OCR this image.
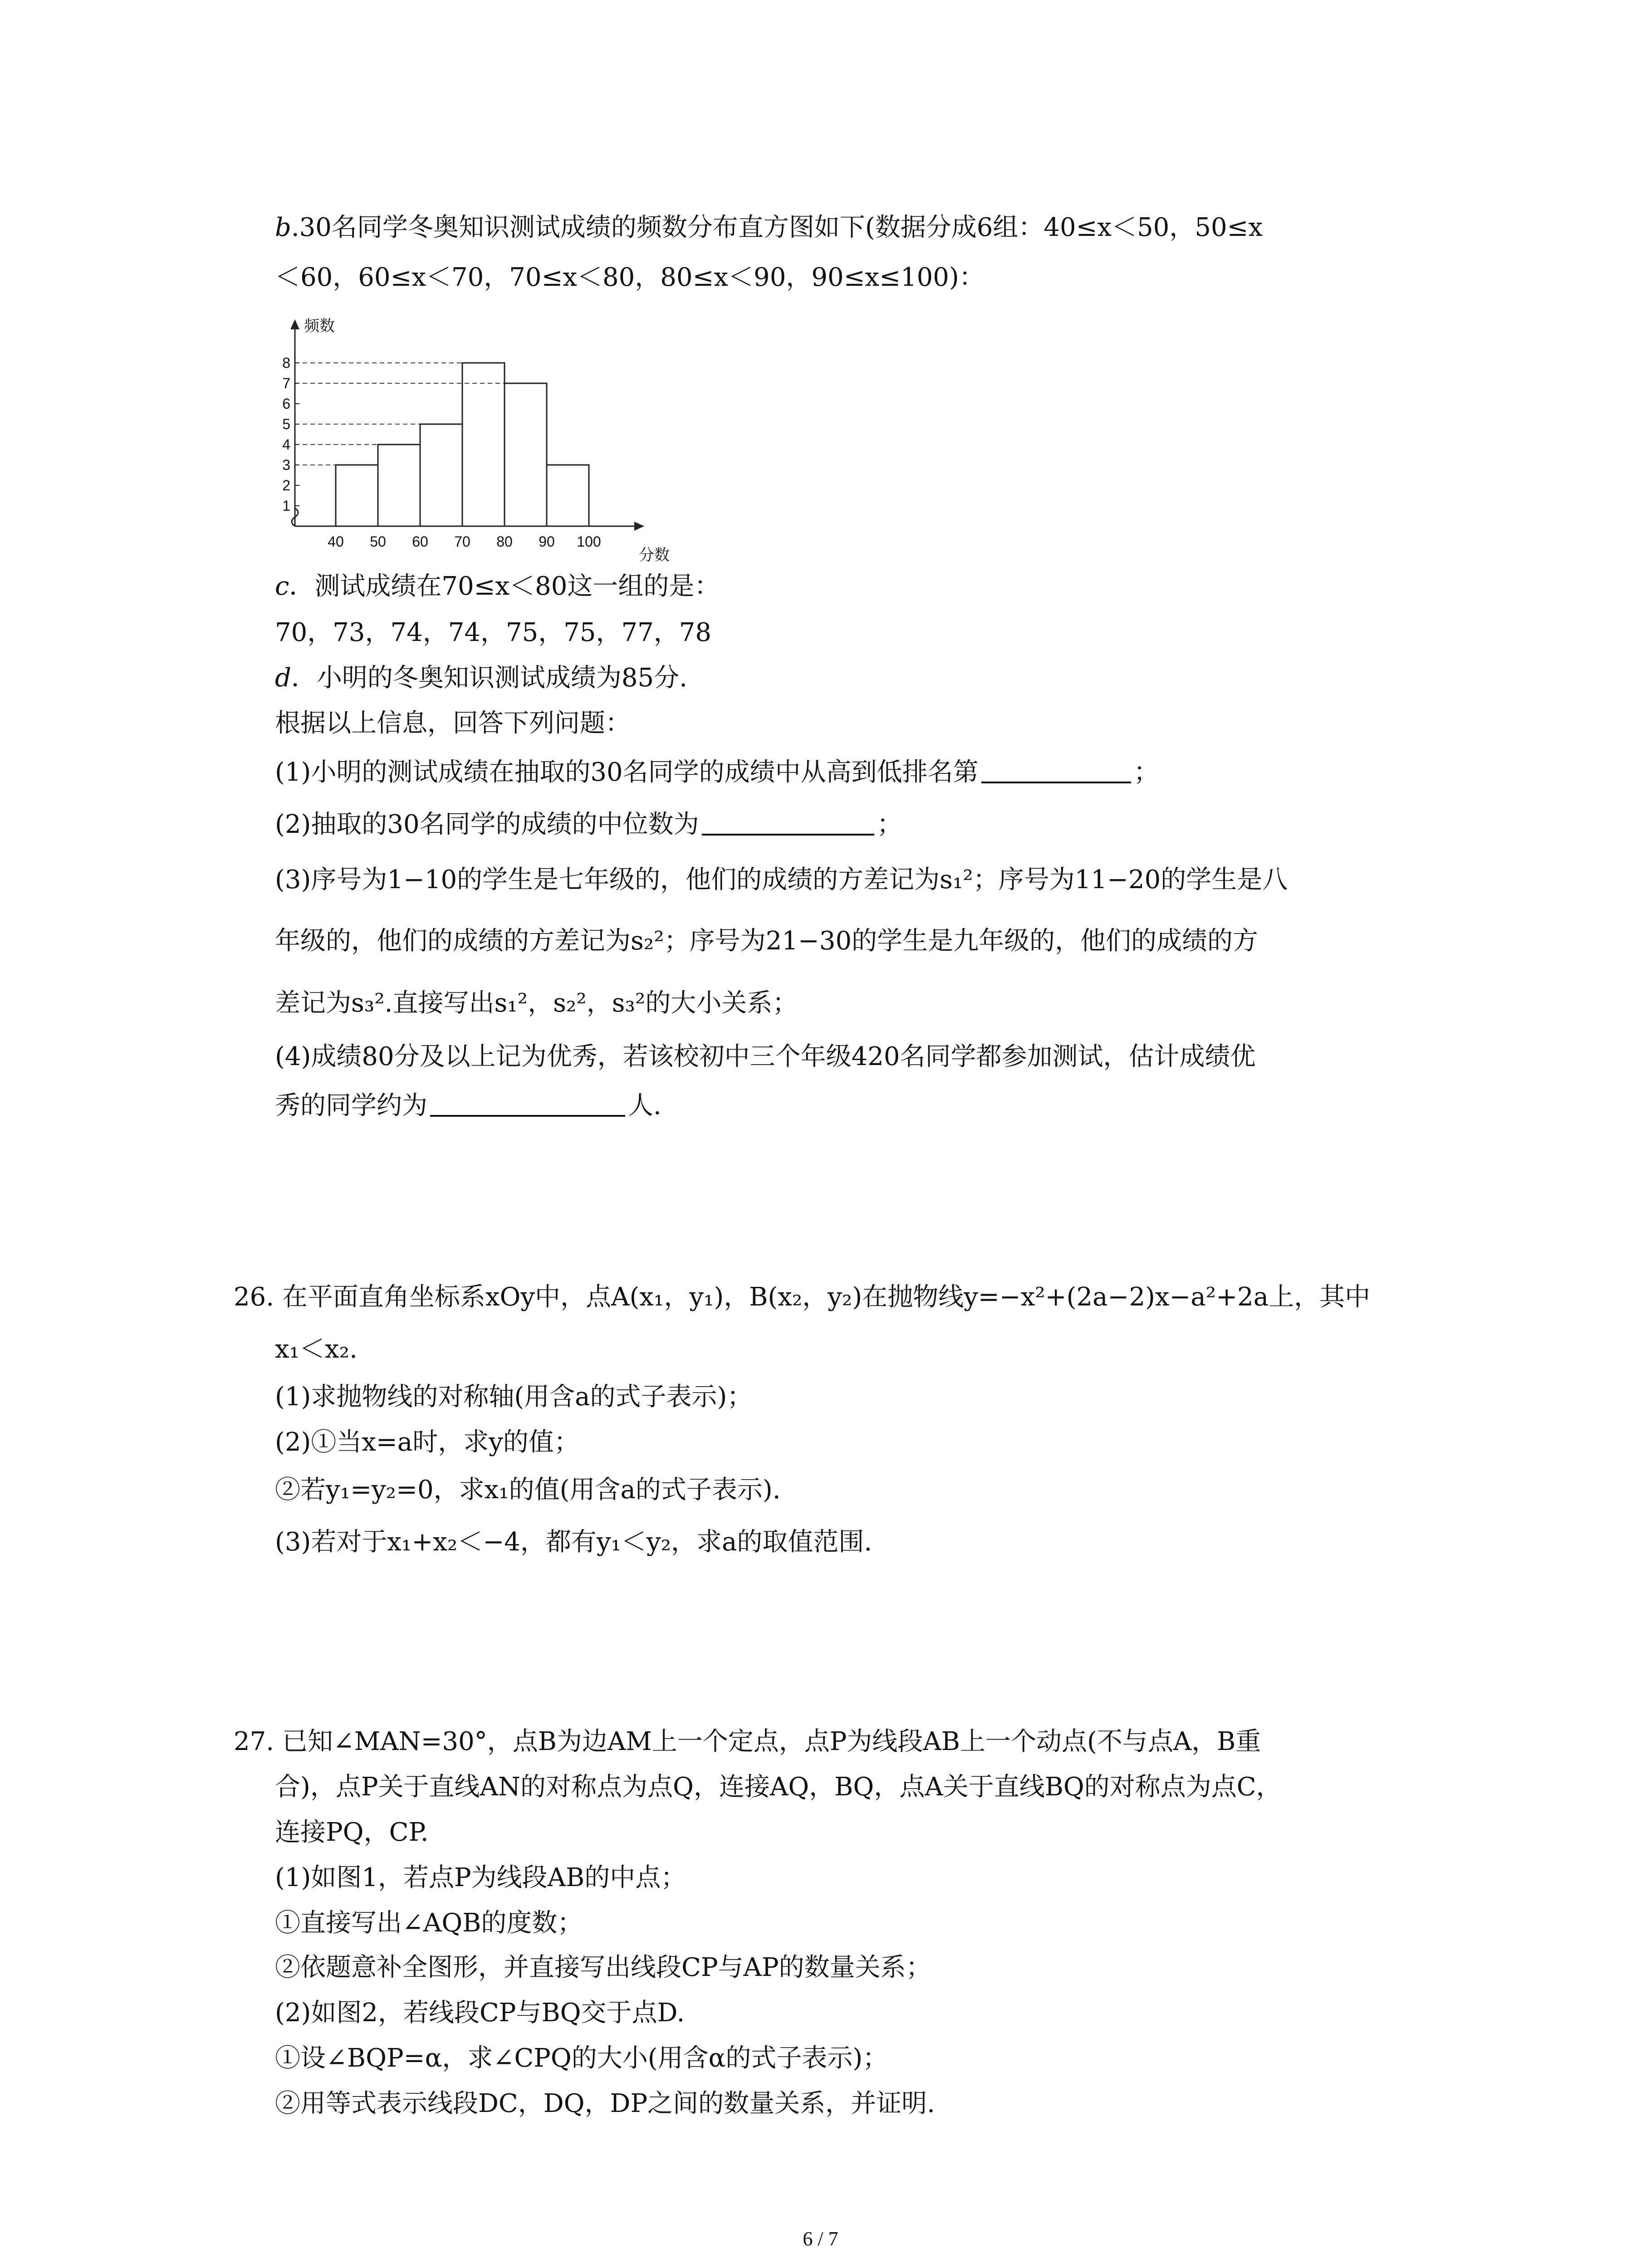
b.30名同学冬奥知识测试成绩的频数分布直方图如下(数据分成6组：40≤x＜50，50≤x
＜60，60≤x＜70，70≤x＜80，80≤x＜90，90≤x≤100)：
1
2
3
4
5
6
7
8
40 50 60 70 80 90 100
频数
分数
c．测试成绩在70≤x＜80这一组的是：
70，73，74，74，75，75，77，78
d．小明的冬奥知识测试成绩为85分.
根据以上信息，回答下列问题：
(1)小明的测试成绩在抽取的30名同学的成绩中从高到低排名第	；
(2)抽取的30名同学的成绩的中位数为	；
(3)序号为1−10的学生是七年级的，他们的成绩的方差记为s₁²；序号为11−20的学生是八
年级的，他们的成绩的方差记为s₂²；序号为21−30的学生是九年级的，他们的成绩的方
差记为s₃².直接写出s₁²，s₂²，s₃²的大小关系；
(4)成绩80分及以上记为优秀，若该校初中三个年级420名同学都参加测试，估计成绩优
秀的同学约为	人.
26. 在平面直角坐标系xOy中，点A(x₁，y₁)，B(x₂，y₂)在抛物线y=−x²+(2a−2)x−a²+2a上，其中
x₁＜x₂.
(1)求抛物线的对称轴(用含a的式子表示)；
(2)①当x=a时，求y的值；
②若y₁=y₂=0，求x₁的值(用含a的式子表示).
(3)若对于x₁+x₂＜−4，都有y₁＜y₂，求a的取值范围.
27. 已知∠MAN=30°，点B为边AM上一个定点，点P为线段AB上一个动点(不与点A，B重
合)，点P关于直线AN的对称点为点Q，连接AQ，BQ，点A关于直线BQ的对称点为点C，
连接PQ，CP.
(1)如图1，若点P为线段AB的中点；
①直接写出∠AQB的度数；
②依题意补全图形，并直接写出线段CP与AP的数量关系；
(2)如图2，若线段CP与BQ交于点D.
①设∠BQP=α，求∠CPQ的大小(用含α的式子表示)；
②用等式表示线段DC，DQ，DP之间的数量关系，并证明.
6 / 7
